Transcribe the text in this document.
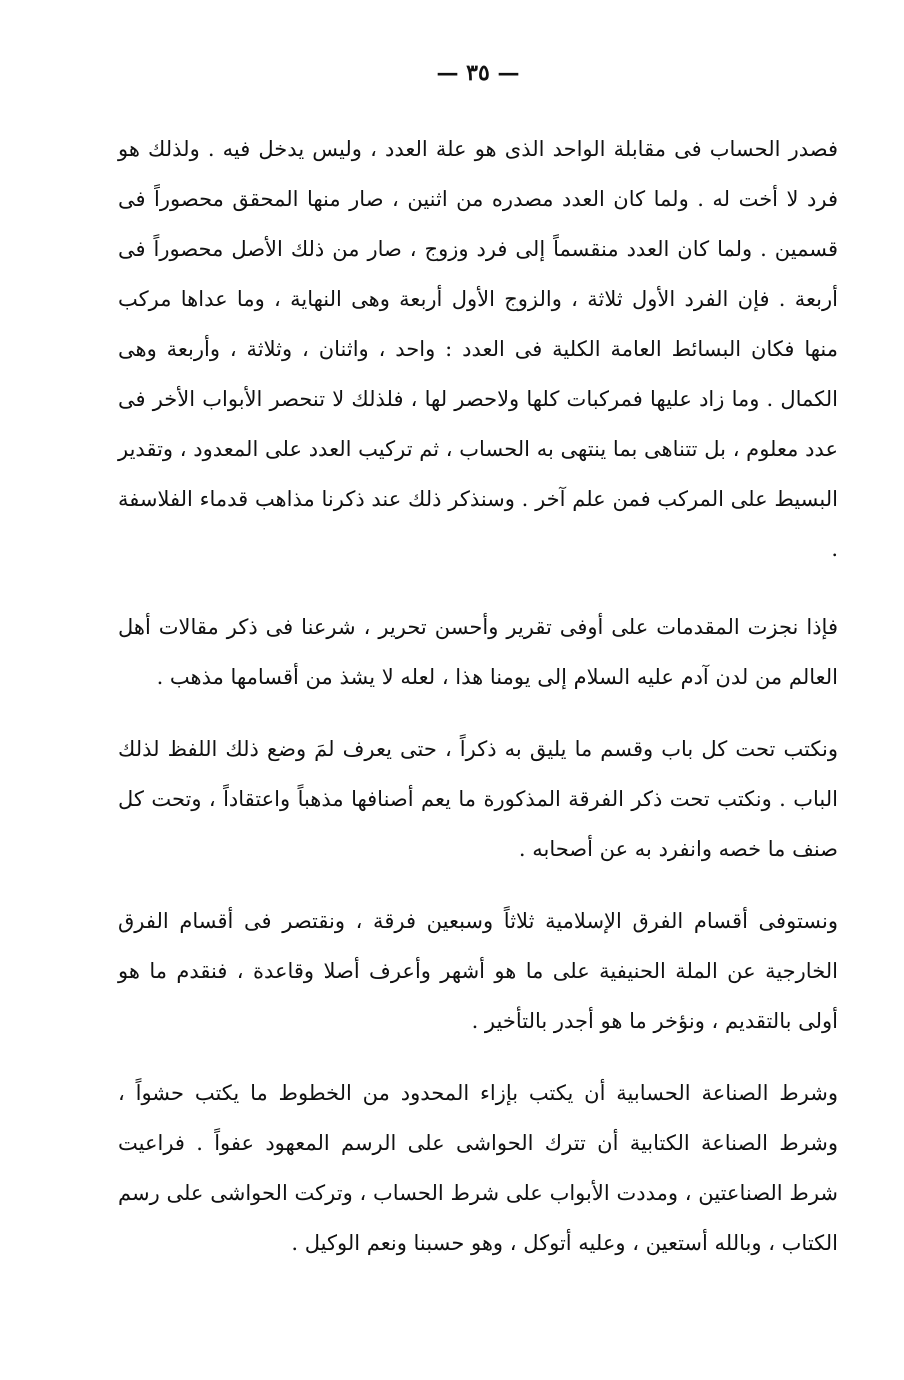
— ٣٥ —

فصدر الحساب فى مقابلة الواحد الذى هو علة العدد ، وليس يدخل فيه . ولذلك هو فرد لا أخت له . ولما كان العدد مصدره من اثنين ، صار منها المحقق محصوراً فى قسمين . ولما كان العدد منقسماً إلى فرد وزوج ، صار من ذلك الأصل محصوراً فى أربعة . فإن الفرد الأول ثلاثة ، والزوج الأول أربعة وهى النهاية ، وما عداها مركب منها فكان البسائط العامة الكلية فى العدد : واحد ، واثنان ، وثلاثة ، وأربعة وهى الكمال . وما زاد عليها فمركبات كلها ولاحصر لها ، فلذلك لا تنحصر الأبواب الأخر فى عدد معلوم ، بل تتناهى بما ينتهى به الحساب ، ثم تركيب العدد على المعدود ، وتقدير البسيط على المركب فمن علم آخر . وسنذكر ذلك عند ذكرنا مذاهب قدماء الفلاسفة .

فإذا نجزت المقدمات على أوفى تقرير وأحسن تحرير ، شرعنا فى ذكر مقالات أهل العالم من لدن آدم عليه السلام إلى يومنا هذا ، لعله لا يشذ من أقسامها مذهب .

ونكتب تحت كل باب وقسم ما يليق به ذكراً ، حتى يعرف لمَ وضع ذلك اللفظ لذلك الباب . ونكتب تحت ذكر الفرقة المذكورة ما يعم أصنافها مذهباً واعتقاداً ، وتحت كل صنف ما خصه وانفرد به عن أصحابه .

ونستوفى أقسام الفرق الإسلامية ثلاثاً وسبعين فرقة ، ونقتصر فى أقسام الفرق الخارجية عن الملة الحنيفية على ما هو أشهر وأعرف أصلا وقاعدة ، فنقدم ما هو أولى بالتقديم ، ونؤخر ما هو أجدر بالتأخير .

وشرط الصناعة الحسابية أن يكتب بإزاء المحدود من الخطوط ما يكتب حشواً ، وشرط الصناعة الكتابية أن تترك الحواشى على الرسم المعهود عفواً . فراعيت شرط الصناعتين ، ومددت الأبواب على شرط الحساب ، وتركت الحواشى على رسم الكتاب ، وبالله أستعين ، وعليه أتوكل ، وهو حسبنا ونعم الوكيل .
